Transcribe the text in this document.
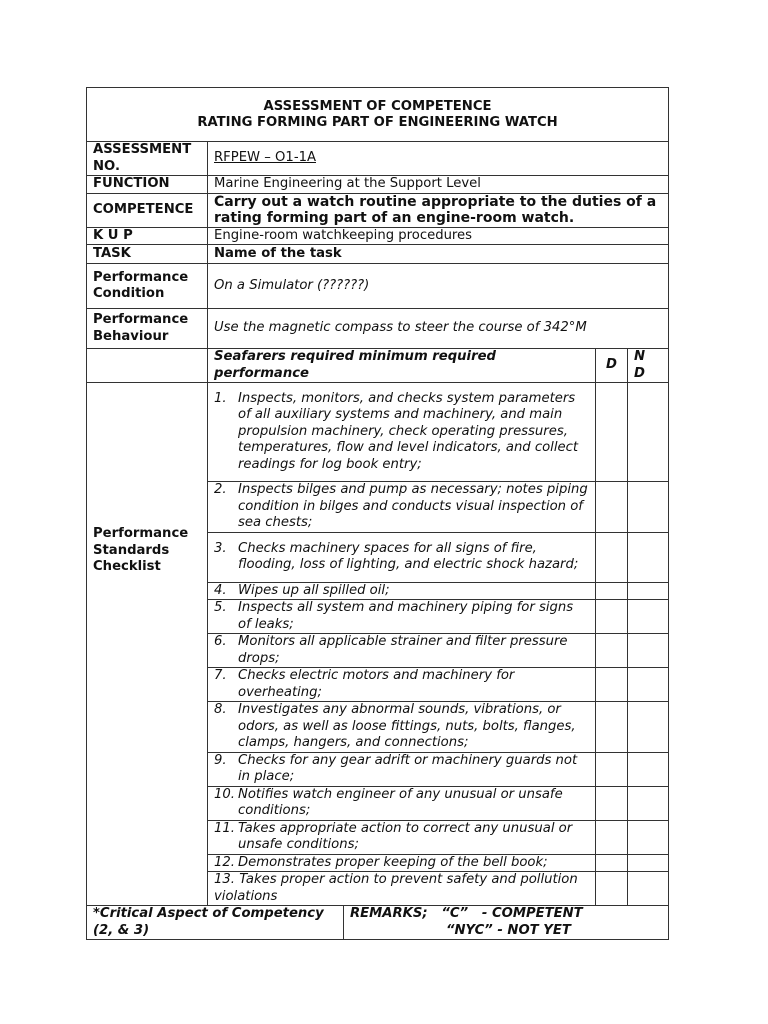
ASSESSMENT OF COMPETENCE
RATING FORMING PART OF ENGINEERING WATCH				

ASSESSMENT NO.	RFPEW – O1-1A			
FUNCTION	Marine Engineering at the Support Level			
COMPETENCE	Carry out a watch routine appropriate to the duties of a rating forming part of an engine-room watch.			
K U P	Engine-room watchkeeping procedures			
TASK	Name of the task			
Performance Condition	On a Simulator (??????)			
Performance Behaviour	Use the magnetic compass to steer the course of 342°M			
	Seafarers required minimum required performance		D	N D

Performance Standards Checklist	1. Inspects, monitors, and checks system parameters of all auxiliary systems and machinery, and main propulsion machinery, check operating pressures, temperatures, flow and level indicators, and collect readings for log book entry;			

	2. Inspects bilges and pump as necessary; notes piping condition in bilges and conducts visual inspection of sea chests;			

	3. Checks machinery spaces for all signs of fire, flooding, loss of lighting, and electric shock hazard;			

	4. Wipes up all spilled oil;			

	5. Inspects all system and machinery piping for signs of leaks;			

	6. Monitors all applicable strainer and filter pressure drops;			

	7. Checks electric motors and machinery for overheating;			

	8. Investigates any abnormal sounds, vibrations, or odors, as well as loose fittings, nuts, bolts, flanges, clamps, hangers, and connections;			

	9. Checks for any gear adrift or machinery guards not in place;			

	10. Notifies watch engineer of any unusual or unsafe conditions;			

	11. Takes appropriate action to correct any unusual or unsafe conditions;			

	12. Demonstrates proper keeping of the bell book;			

	13. Takes proper action to prevent safety and pollution violations			

*Critical Aspect of Competency (2, & 3)		REMARKS; “C” - COMPETENT
“NYC” - NOT YET		
